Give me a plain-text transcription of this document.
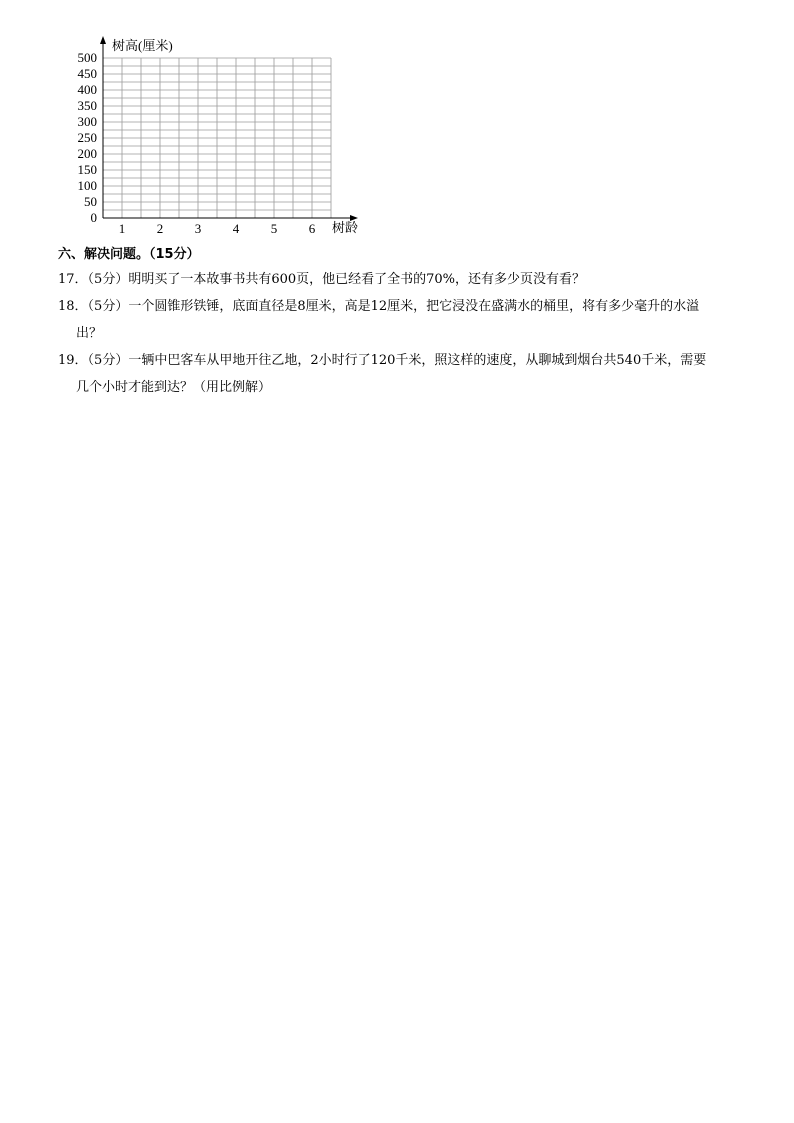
树高(厘米)
树龄
0
50
100
150
200
250
300
350
400
450
500
1 2 3 4 5 6
六、解决问题。（15分）
17．（5分）明明买了一本故事书共有600页，他已经看了全书的70%，还有多少页没有看？
18．（5分）一个圆锥形铁锤，底面直径是8厘米，高是12厘米，把它浸没在盛满水的桶里，将有多少毫升的水溢
出？
19．（5分）一辆中巴客车从甲地开往乙地，2小时行了120千米，照这样的速度，从聊城到烟台共540千米，需要
几个小时才能到达？（用比例解）
